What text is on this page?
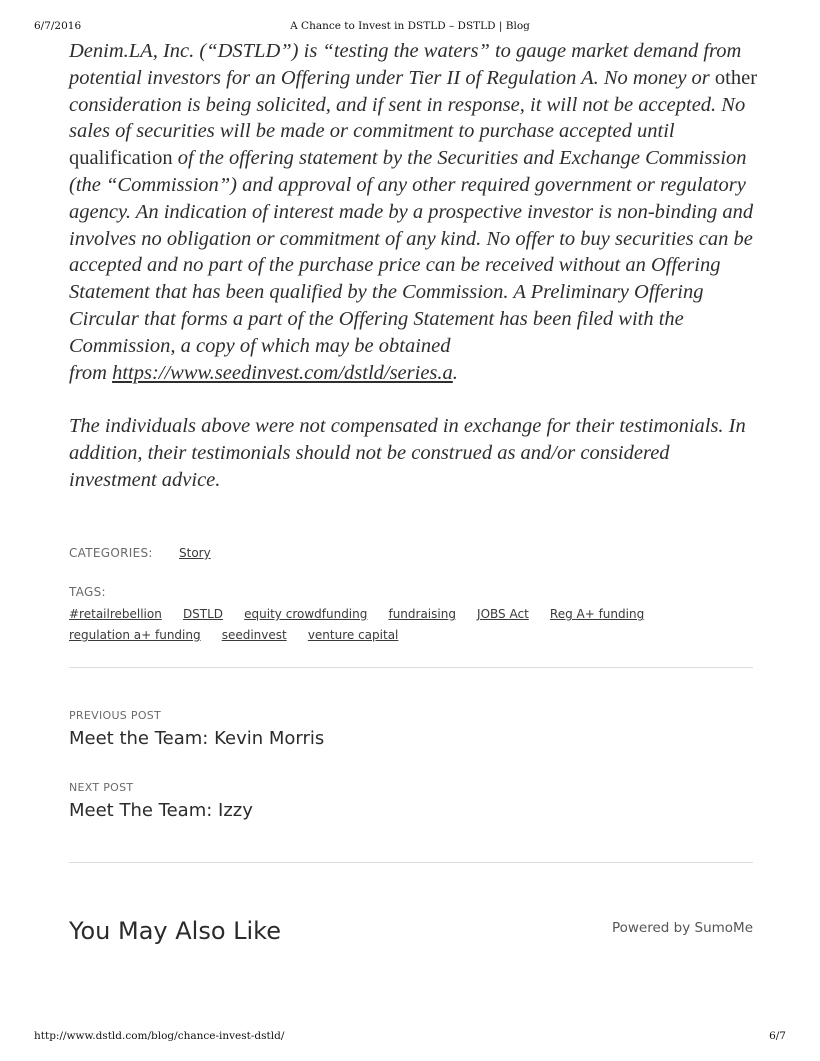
6/7/2016	A Chance to Invest in DSTLD – DSTLD | Blog

Denim.LA, Inc. (“DSTLD”) is “testing the waters” to gauge market demand from potential investors for an Offering under Tier II of Regulation A. No money or other consideration is being solicited, and if sent in response, it will not be accepted. No sales of securities will be made or commitment to purchase accepted until qualification of the offering statement by the Securities and Exchange Commission (the “Commission”) and approval of any other required government or regulatory agency. An indication of interest made by a prospective investor is non-binding and involves no obligation or commitment of any kind. No offer to buy securities can be accepted and no part of the purchase price can be received without an Offering Statement that has been qualified by the Commission. A Preliminary Offering Circular that forms a part of the Offering Statement has been filed with the Commission, a copy of which may be obtained
from https://www.seedinvest.com/dstld/series.a.

The individuals above were not compensated in exchange for their testimonials. In addition, their testimonials should not be construed as and/or considered investment advice.

CATEGORIES: Story
TAGS:
#retailrebellion DSTLD equity crowdfunding fundraising JOBS Act Reg A+ funding
regulation a+ funding seedinvest venture capital
PREVIOUS POST
Meet the Team: Kevin Morris
NEXT POST
Meet The Team: Izzy
You May Also Like	Powered by SumoMe
http://www.dstld.com/blog/chance-invest-dstld/	6/7
